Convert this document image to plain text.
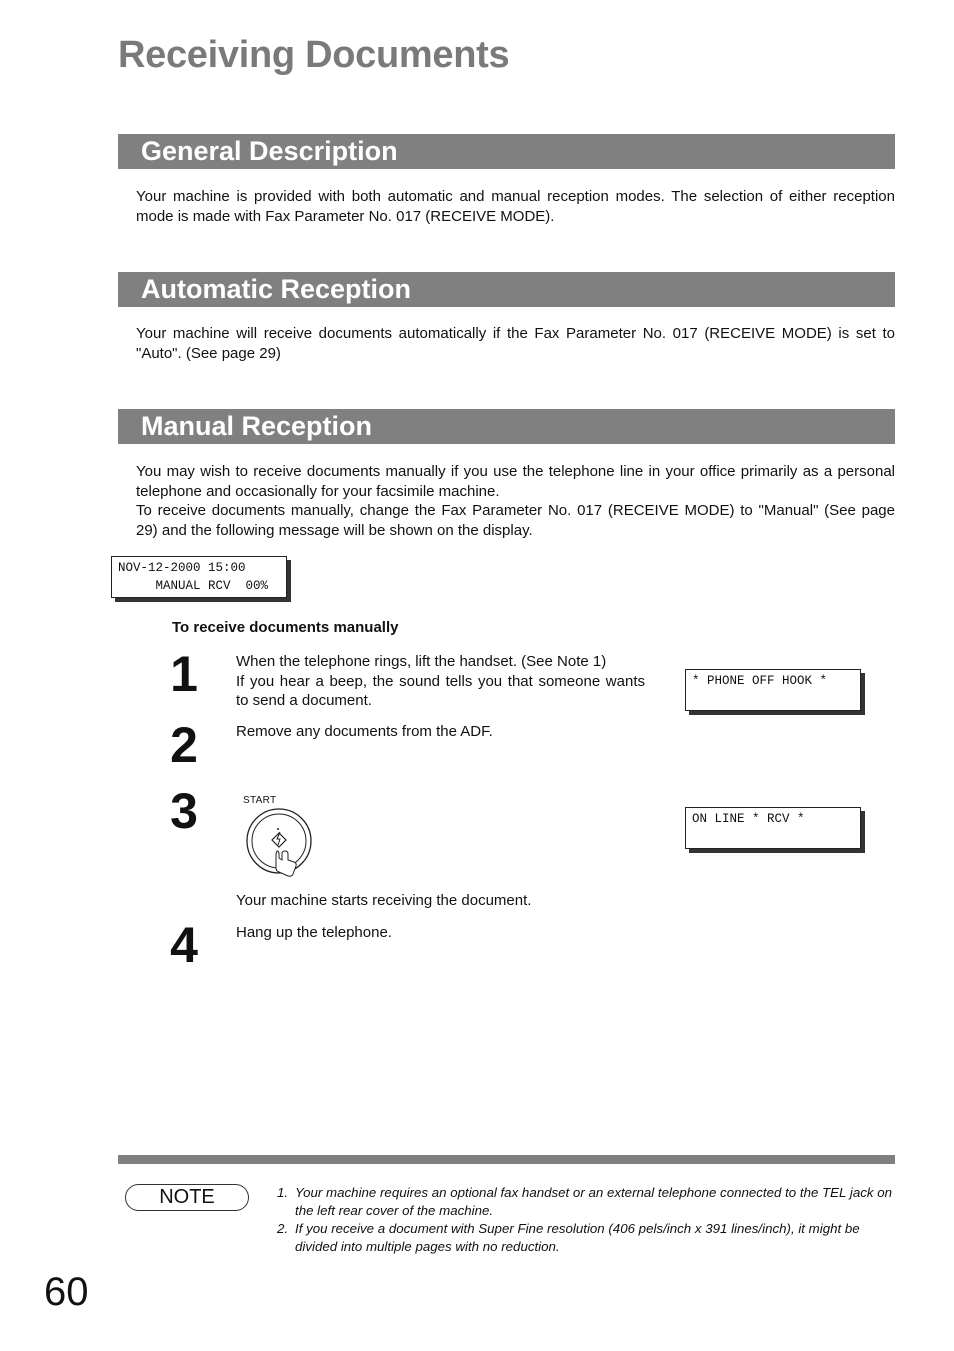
Receiving Documents
General Description
Your machine is provided with both automatic and manual reception modes. The selection of either reception mode is made with Fax Parameter No. 017 (RECEIVE MODE).
Automatic Reception
Your machine will receive documents automatically if the Fax Parameter No. 017 (RECEIVE MODE) is set to "Auto". (See page 29)
Manual Reception

You may wish to receive documents manually if you use the telephone line in your office primarily as a personal telephone and occasionally for your facsimile machine.

To receive documents manually, change the Fax Parameter No. 017 (RECEIVE MODE) to "Manual" (See page 29) and the following message will be shown on the display.

NOV-12-2000 15:00
MANUAL RCV  00%
To receive documents manually
1	When the telephone rings, lift the handset. (See Note 1)
If you hear a beep, the sound tells you that someone wants to send a document.
* PHONE OFF HOOK *
2	Remove any documents from the ADF.
3	START
ON LINE * RCV *
Your machine starts receiving the document.
4	Hang up the telephone.
NOTE	1. Your machine requires an optional fax handset or an external telephone connected to the TEL jack on the left rear cover of the machine.
2. If you receive a document with Super Fine resolution (406 pels/inch x 391 lines/inch), it might be divided into multiple pages with no reduction.
60
